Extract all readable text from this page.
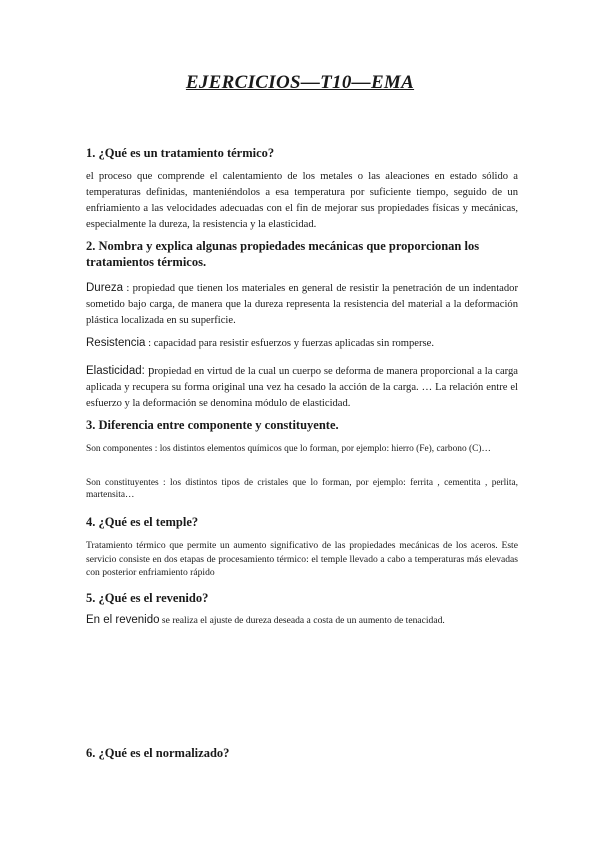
EJERCICIOS—T10—EMA
1. ¿Qué es un tratamiento térmico?
el proceso que comprende el calentamiento de los metales o las aleaciones en estado sólido a temperaturas definidas, manteniéndolos a esa temperatura por suficiente tiempo, seguido de un enfriamiento a las velocidades adecuadas con el fin de mejorar sus propiedades físicas y mecánicas, especialmente la dureza, la resistencia y la elasticidad.
2. Nombra y explica algunas propiedades mecánicas que proporcionan los tratamientos térmicos.
Dureza : propiedad que tienen los materiales en general de resistir la penetración de un indentador sometido bajo carga, de manera que la dureza representa la resistencia del material a la deformación plástica localizada en su superficie.
Resistencia : capacidad para resistir esfuerzos y fuerzas aplicadas sin romperse.
Elasticidad: propiedad en virtud de la cual un cuerpo se deforma de manera proporcional a la carga aplicada y recupera su forma original una vez ha cesado la acción de la carga. … La relación entre el esfuerzo y la deformación se denomina módulo de elasticidad.
3. Diferencia entre componente y constituyente.
Son componentes : los distintos elementos químicos que lo forman, por ejemplo: hierro (Fe), carbono (C)…
Son constituyentes : los distintos tipos de cristales que lo forman, por ejemplo: ferrita , cementita , perlita, martensita…
4. ¿Qué es el temple?
Tratamiento térmico que permite un aumento significativo de las propiedades mecánicas de los aceros. Este servicio consiste en dos etapas de procesamiento térmico: el temple llevado a cabo a temperaturas más elevadas con posterior enfriamiento rápido
5. ¿Qué es el revenido?
En el revenido se realiza el ajuste de dureza deseada a costa de un aumento de tenacidad.
6. ¿Qué es el normalizado?
